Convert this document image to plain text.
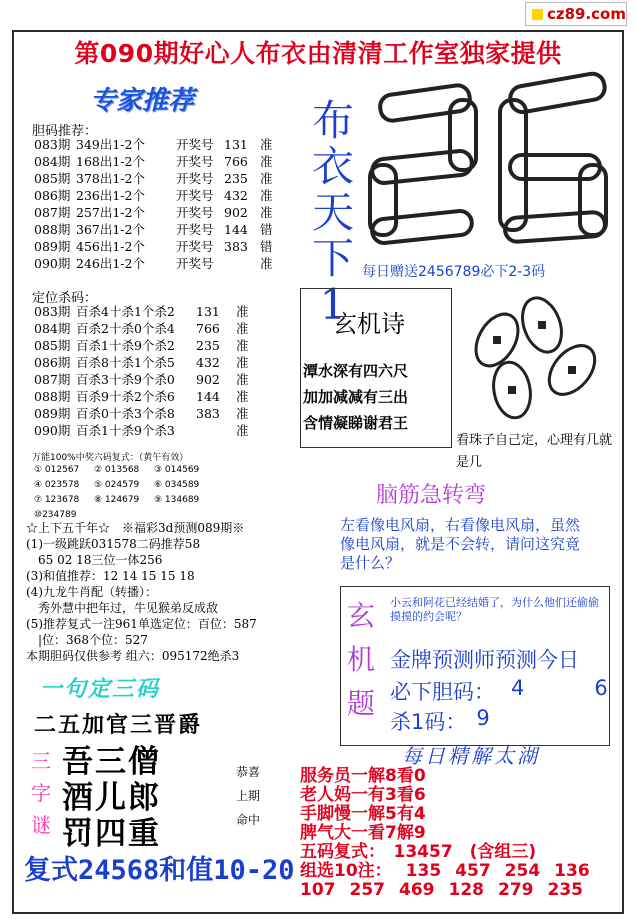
cz89.com
第090期好心人布衣由清清工作室独家提供
专家推荐
胆码推荐：
083期 349出1-2个	开奖号 131 准
084期 168出1-2个	开奖号 766 准
085期 378出1-2个	开奖号 235 准
086期 236出1-2个	开奖号 432 准
087期 257出1-2个	开奖号 902 准
088期 367出1-2个	开奖号 144 错
089期 456出1-2个	开奖号 383 错
090期 246出1-2个	开奖号	准
定位杀码：
083期 百杀4十杀1个杀2	131	准
084期 百杀2十杀0个杀4	766	准
085期 百杀1十杀9个杀2	235	准
086期 百杀8十杀1个杀5	432	准
087期 百杀3十杀9个杀0	902	准
088期 百杀9十杀2个杀6	144	准
089期 百杀0十杀3个杀8	383	准
090期 百杀1十杀9个杀3	准
万能100%中奖六码复式：（黄午有效）
① 012567	② 013568	③ 014569
④ 023578	⑤ 024579	⑥ 034589
⑦ 123678	⑧ 124679	⑨ 134689
⑩234789
☆上下五千年☆　※福彩3d预测089期※
(1)一级跳跃031578二码推荐58
　65 02 18三位一体256
(3)和值推荐：12 14 15 15 18
(4)九龙牛肖配（转播）：
　秀外慧中把年过，牛见猴弟反成敌
(5)推荐复式一注961单选定位：百位：587
　|位：368个位：527
本期胆码仅供参考 组六：095172绝杀3
一句定三码
二五加官三晋爵
三字谜
吾三僧
酒儿郎
罚四重
恭喜
上期
命中
复式24568和值10-20
布
衣
天
下
1
每日赠送2456789必下2-3码
玄机诗
潭水深有四六尺
加加减减有三出
含情凝睇谢君王
看珠子自己定，心理有几就是几
脑筋急转弯
左看像电风扇，右看像电风扇，虽然像电风扇，就是不会转，请问这究竟是什么？
玄机题
小云和阿花已经结婚了，为什么他们还偷偷摸摸的约会呢？
金牌预测师预测今日
必下胆码： 4	6
杀1码： 9
每日精解太湖
服务员一解8看0
老人妈一有3看6
手脚慢一解5有4
脾气大一看7解9
五码复式：　13457　(含组三)
组选10注： 135 457 254 136
107 257 469 128 279 235
